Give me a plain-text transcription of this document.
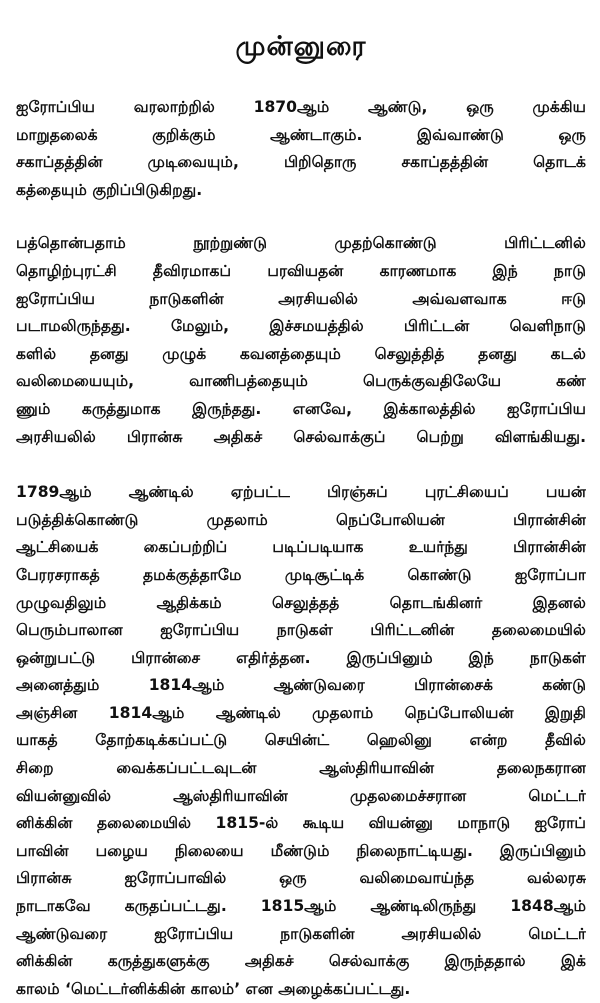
முன்னுரை
ஐரோப்பிய வரலாற்றில் 1870ஆம் ஆண்டு, ஒரு முக்கிய
மாறுதலைக் குறிக்கும் ஆண்டாகும். இவ்வாண்டு ஒரு
சகாப்தத்தின் முடிவையும், பிறிதொரு சகாப்தத்தின் தொடக்
கத்தையும் குறிப்பிடுகிறது.
பத்தொன்பதாம் நூற்றுண்டு முதற்கொண்டு பிரிட்டனில்
தொழிற்புரட்சி தீவிரமாகப் பரவியதன் காரணமாக இந் நாடு
ஐரோப்பிய நாடுகளின் அரசியலில் அவ்வளவாக ஈடு
படாமலிருந்தது. மேலும், இச்சமயத்தில் பிரிட்டன் வெளிநாடு
களில் தனது முழுக் கவனத்தையும் செலுத்தித் தனது கடல்
வலிமையையும், வாணிபத்தையும் பெருக்குவதிலேயே கண்
ணும் கருத்துமாக இருந்தது. எனவே, இக்காலத்தில் ஐரோப்பிய
அரசியலில் பிரான்சு அதிகச் செல்வாக்குப் பெற்று விளங்கியது.
1789ஆம் ஆண்டில் ஏற்பட்ட பிரஞ்சுப் புரட்சியைப் பயன்
படுத்திக்கொண்டு முதலாம் நெப்போலியன் பிரான்சின்
ஆட்சியைக் கைப்பற்றிப் படிப்படியாக உயர்ந்து பிரான்சின்
பேரரசராகத் தமக்குத்தாமே முடிசூட்டிக் கொண்டு ஐரோப்பா
முழுவதிலும் ஆதிக்கம் செலுத்தத் தொடங்கினர் இதனல்
பெரும்பாலான ஐரோப்பிய நாடுகள் பிரிட்டனின் தலைமையில்
ஒன்றுபட்டு பிரான்சை எதிர்த்தன. இருப்பினும் இந் நாடுகள்
அனைத்தும் 1814ஆம் ஆண்டுவரை பிரான்சைக் கண்டு
அஞ்சின 1814ஆம் ஆண்டில் முதலாம் நெப்போலியன் இறுதி
யாகத் தோற்கடிக்கப்பட்டு செயின்ட் ஹெலினு என்ற தீவில்
சிறை வைக்கப்பட்டவுடன் ஆஸ்திரியாவின் தலைநகரான
வியன்னுவில் ஆஸ்திரியாவின் முதலமைச்சரான மெட்டர்
னிக்கின் தலைமையில் 1815-ல் கூடிய வியன்னு மாநாடு ஐரோப்
பாவின் பழைய நிலையை மீண்டும் நிலைநாட்டியது. இருப்பினும்
பிரான்சு ஐரோப்பாவில் ஒரு வலிமைவாய்ந்த வல்லரசு
நாடாகவே கருதப்பட்டது. 1815ஆம் ஆண்டிலிருந்து 1848ஆம்
ஆண்டுவரை ஐரோப்பிய நாடுகளின் அரசியலில் மெட்டர்
னிக்கின் கருத்துகளுக்கு அதிகச் செல்வாக்கு இருந்ததால் இக்
காலம் ‘மெட்டர்னிக்கின் காலம்’ என அழைக்கப்பட்டது.
